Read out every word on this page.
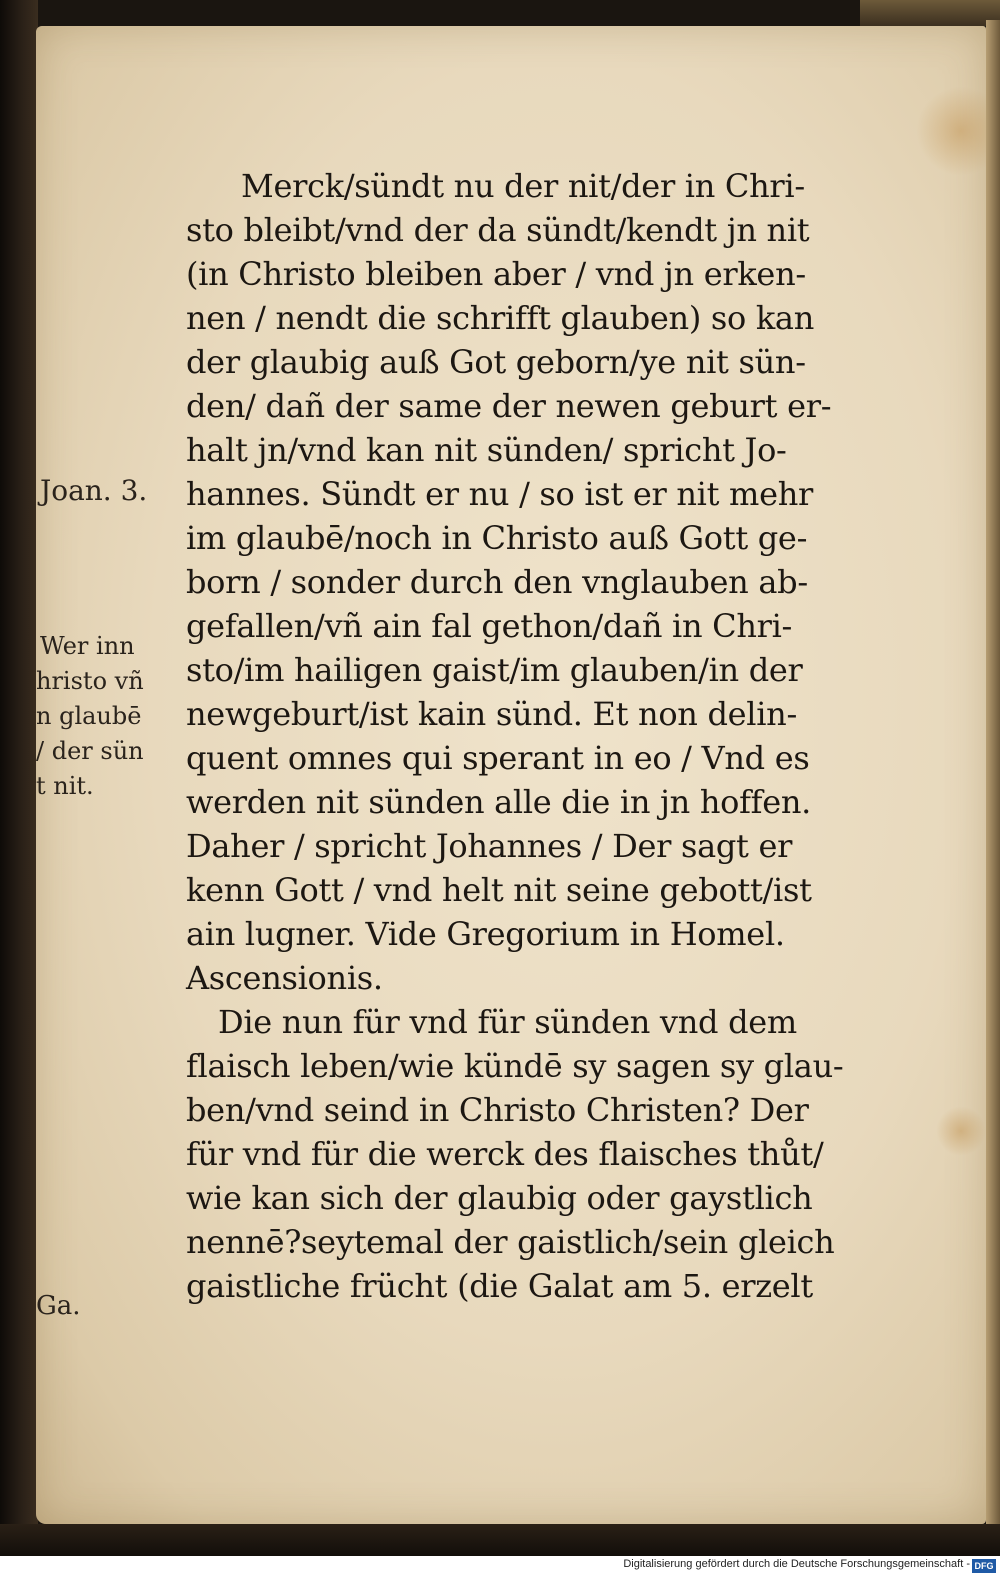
Merck/sündt nu der nit/der in Chri-
sto bleibt/vnd der da sündt/kendt jn nit
(in Christo bleiben aber / vnd jn erken-
nen / nendt die schrifft glauben) so kan
der glaubig auß Got geborn/ye nit sün-
den/ dañ der same der newen geburt er-
halt jn/vnd kan nit sünden/ spricht Jo-
hannes. Sündt er nu / so ist er nit mehr
im glaubē/noch in Christo auß Gott ge-
born / sonder durch den vnglauben ab-
gefallen/vñ ain fal gethon/dañ in Chri-
sto/im hailigen gaist/im glauben/in der
newgeburt/ist kain sünd. Et non delin-
quent omnes qui sperant in eo / Vnd es
werden nit sünden alle die in jn hoffen.
Daher / spricht Johannes / Der sagt er
kenn Gott / vnd helt nit seine gebott/ist
ain lugner. Vide Gregorium in Homel.
Ascensionis.
Die nun für vnd für sünden vnd dem
flaisch leben/wie kündē sy sagen sy glau-
ben/vnd seind in Christo Christen? Der
für vnd für die werck des flaisches thůt/
wie kan sich der glaubig oder gaystlich
nennē?seytemal der gaistlich/sein gleich
gaistliche frücht (die Galat am 5. erzelt
Joan. 3.
Wer inn
hristo vñ
n glaubē
/ der sün
t nit.
Ga.
Digitalisierung gefördert durch die Deutsche Forschungsgemeinschaft - DFG
